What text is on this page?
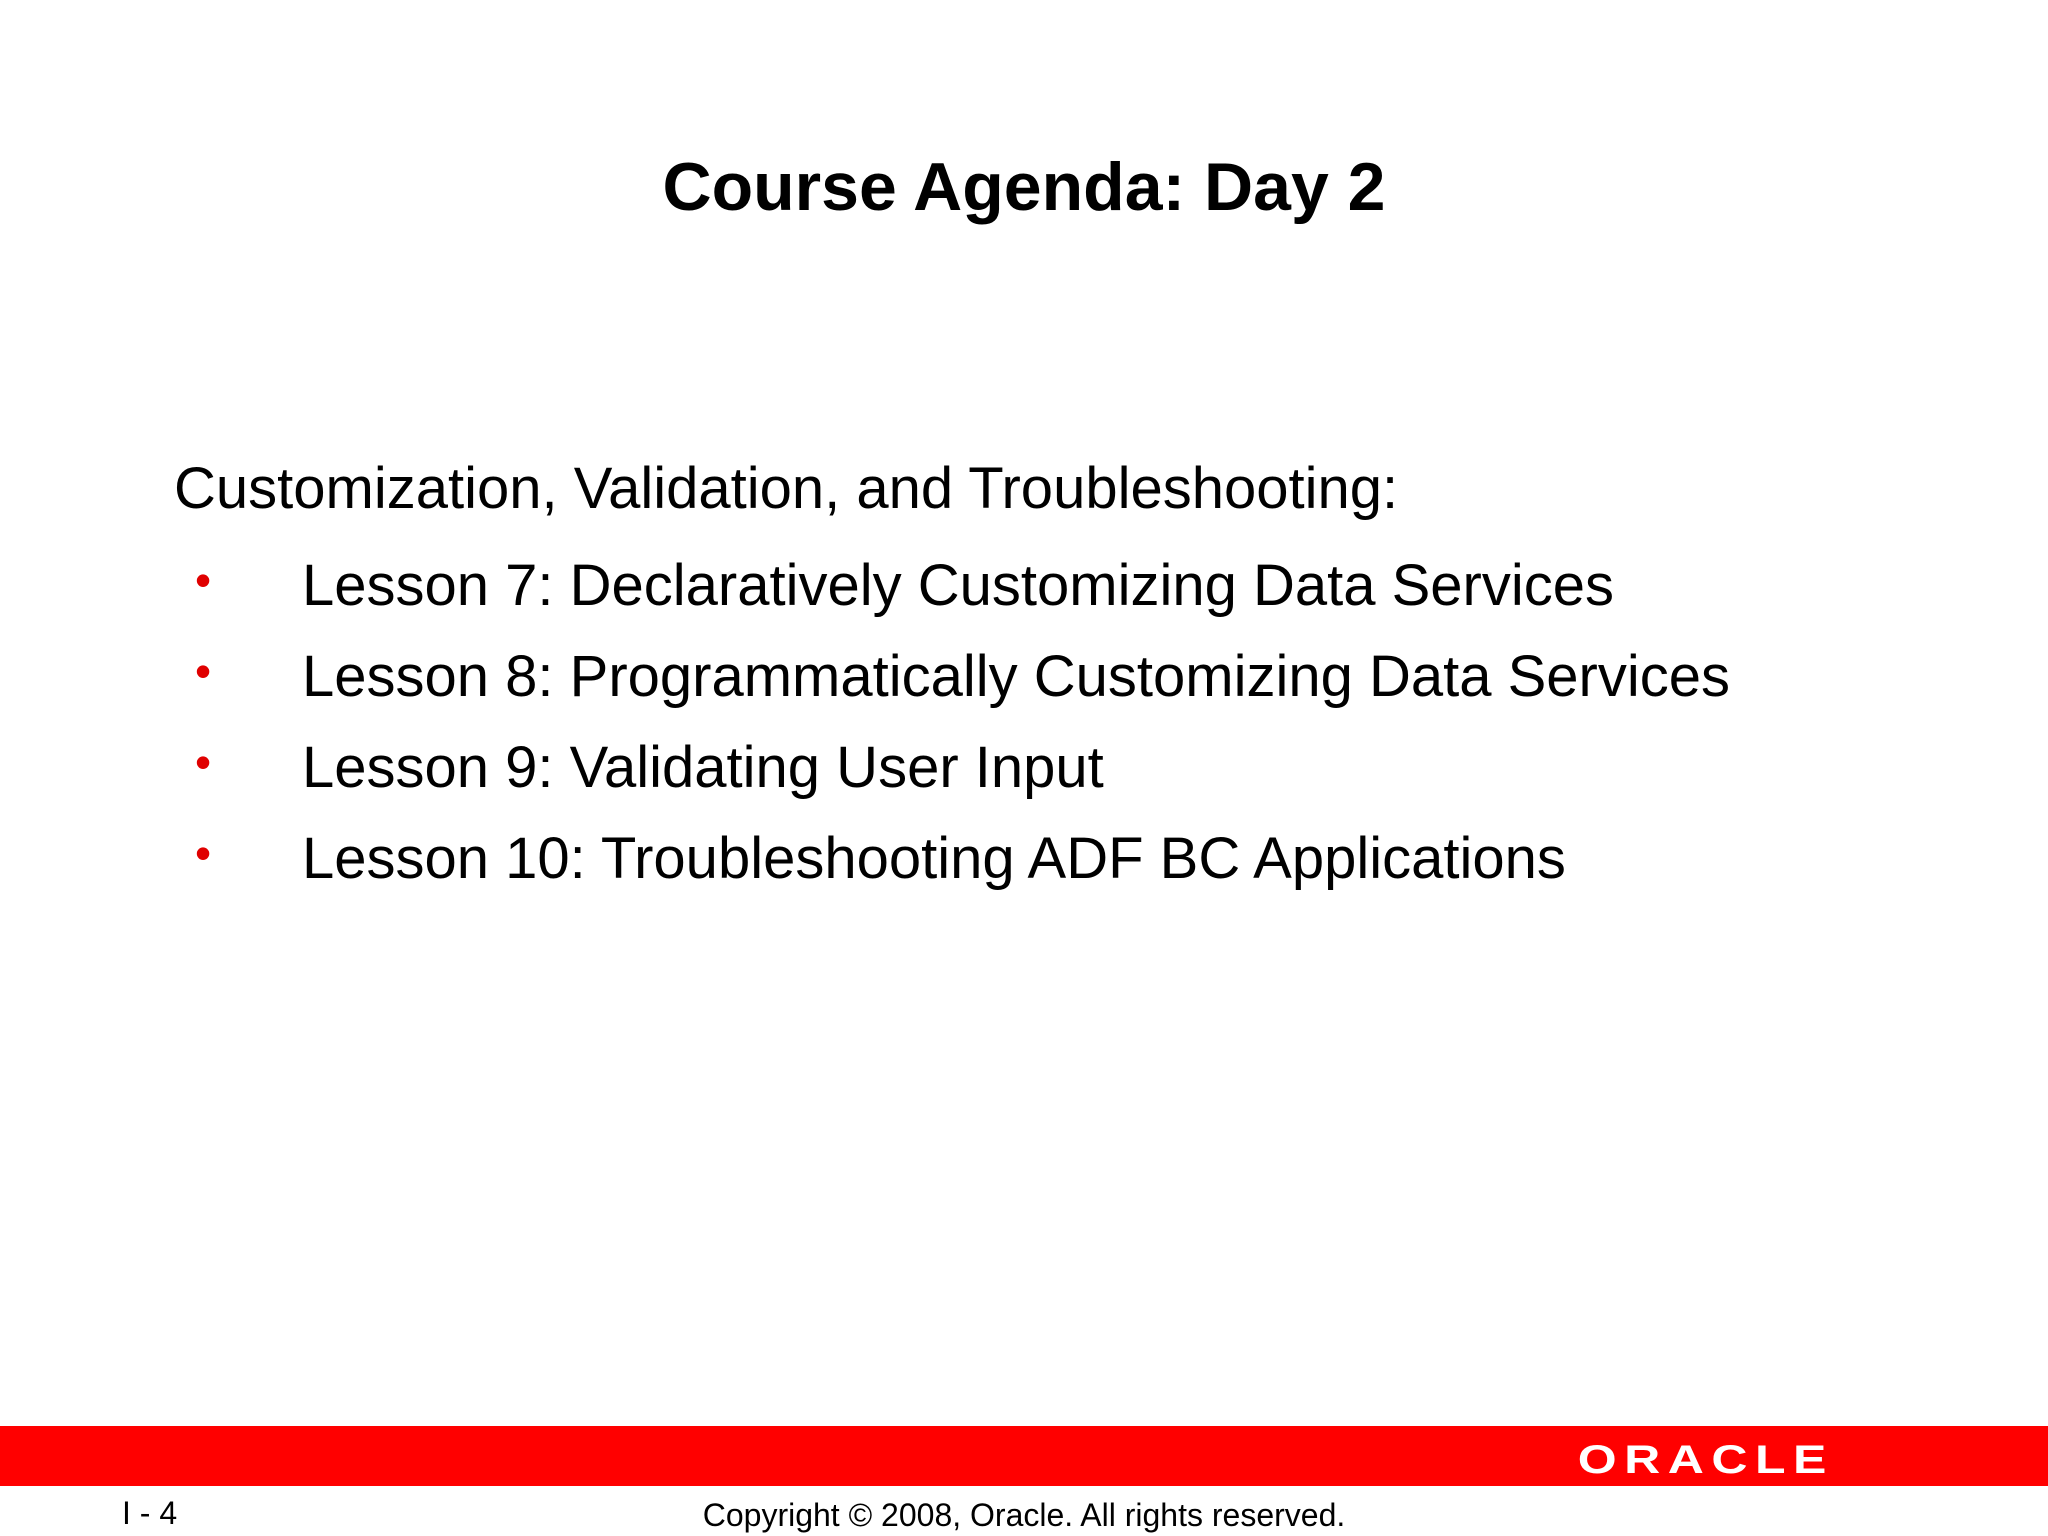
Course Agenda: Day 2
Customization, Validation, and Troubleshooting:
• Lesson 7: Declaratively Customizing Data Services
• Lesson 8: Programmatically Customizing Data Services
• Lesson 9: Validating User Input
• Lesson 10: Troubleshooting ADF BC Applications
ORACLE
I - 4	Copyright © 2008, Oracle. All rights reserved.
